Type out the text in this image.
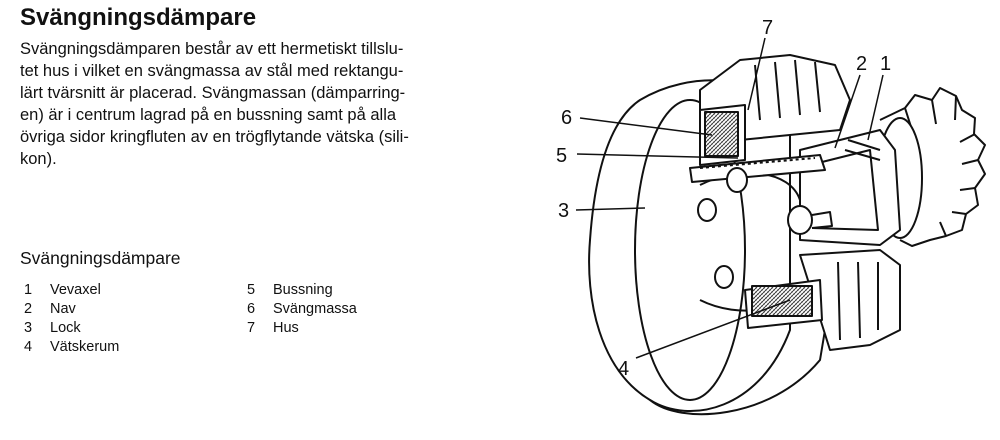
Svängningsdämpare

Svängningsdämparen består av ett hermetiskt tillslu-
tet hus i vilket en svängmassa av stål med rektangu-
lärt tvärsnitt är placerad. Svängmassan (dämparring-
en) är i centrum lagrad på en bussning samt på alla
övriga sidor kringfluten av en trögflytande vätska (sili-
kon).

Svängningsdämpare
1	Vevaxel
2	Nav
3	Lock
4	Vätskerum
5	Bussning
6	Svängmassa
7	Hus
1
2
3
4
5
6
7
